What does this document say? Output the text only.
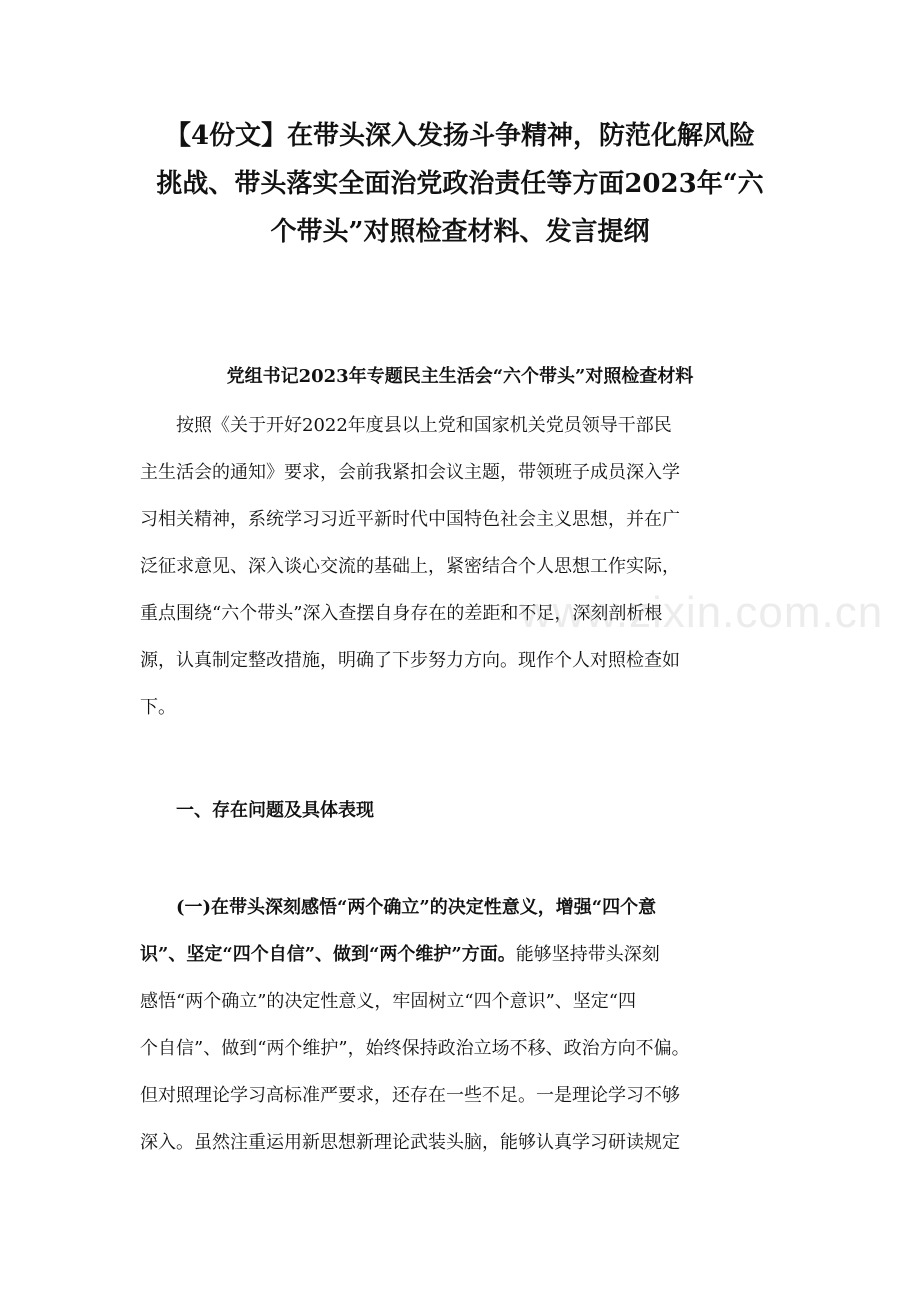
【4份文】在带头深入发扬斗争精神，防范化解风险
挑战、带头落实全面治党政治责任等方面2023年“六
个带头”对照检查材料、发言提纲
党组书记2023年专题民主生活会“六个带头”对照检查材料
　　按照《关于开好2022年度县以上党和国家机关党员领导干部民
主生活会的通知》要求，会前我紧扣会议主题，带领班子成员深入学
习相关精神，系统学习习近平新时代中国特色社会主义思想，并在广
泛征求意见、深入谈心交流的基础上，紧密结合个人思想工作实际，
重点围绕“六个带头”深入查摆自身存在的差距和不足，深刻剖析根
源，认真制定整改措施，明确了下步努力方向。现作个人对照检查如
下。
一、存在问题及具体表现
　　(一)在带头深刻感悟“两个确立”的决定性意义，增强“四个意
识”、坚定“四个自信”、做到“两个维护”方面。能够坚持带头深刻
感悟“两个确立”的决定性意义，牢固树立“四个意识”、坚定“四
个自信”、做到“两个维护”，始终保持政治立场不移、政治方向不偏。
但对照理论学习高标准严要求，还存在一些不足。一是理论学习不够
深入。虽然注重运用新思想新理论武装头脑，能够认真学习研读规定
www.zixin.com.cn
